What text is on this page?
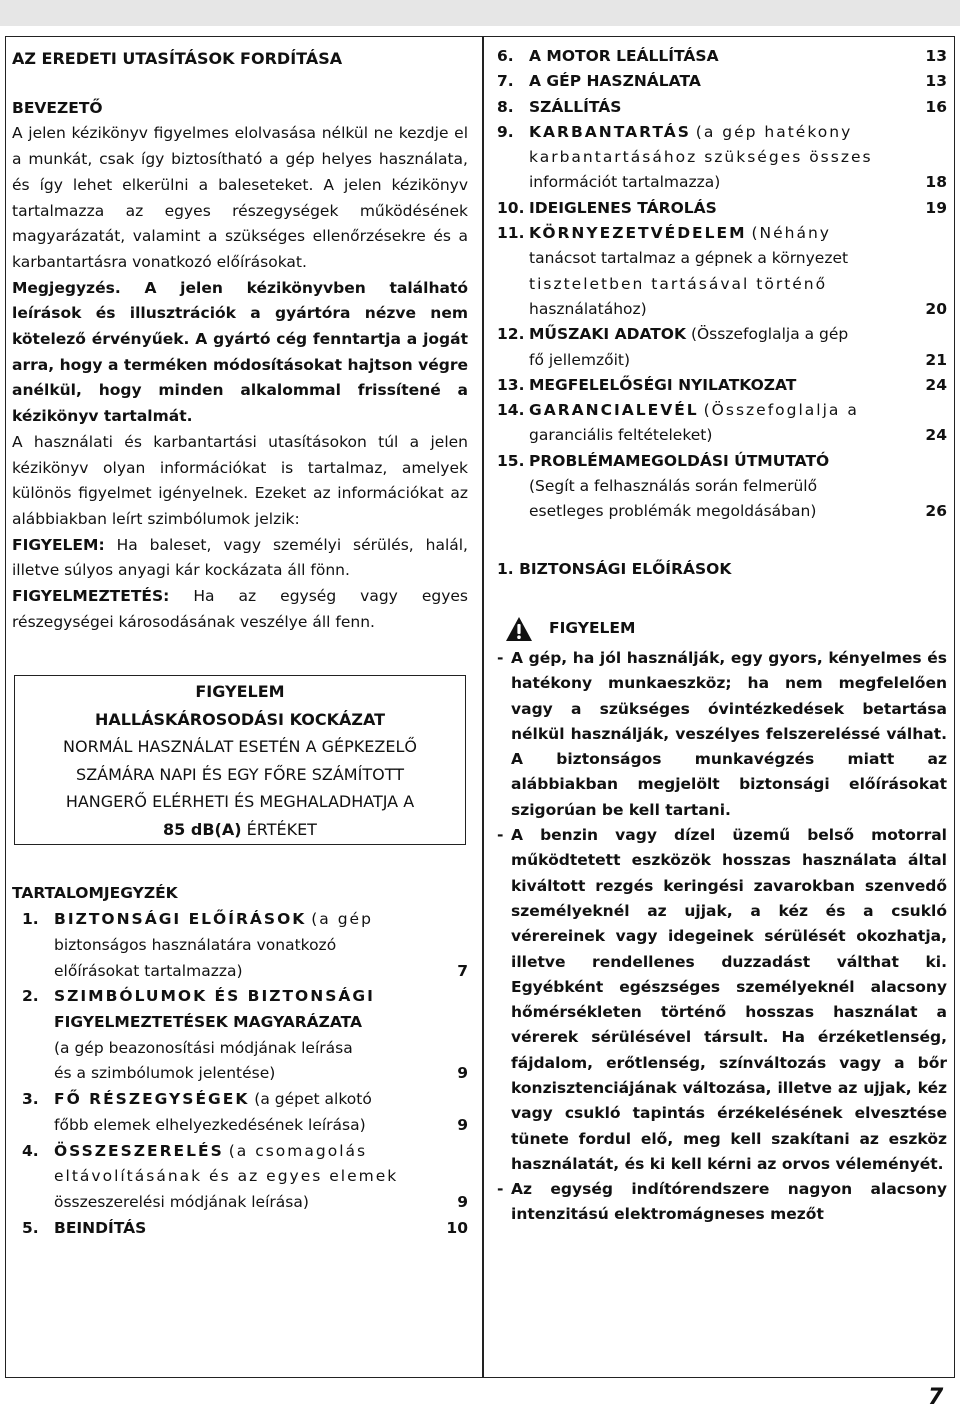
AZ EREDETI UTASÍTÁSOK FORDÍTÁSA

BEVEZETŐ

A jelen kézikönyv figyelmes elolvasása nélkül ne kezdje el a munkát, csak így biztosítható a gép helyes használata, és így lehet elkerülni a baleseteket. A jelen kézikönyv tartalmazza az egyes részegységek működésének magyarázatát, valamint a szükséges ellenőrzésekre és a karbantartásra vonatkozó előírásokat.

Megjegyzés. A jelen kézikönyvben található leírások és illusztrációk a gyártóra nézve nem kötelező érvényűek. A gyártó cég fenntartja a jogát arra, hogy a terméken módosításokat hajtson végre anélkül, hogy minden alkalommal frissítené a kézikönyv tartalmát.

A használati és karbantartási utasításokon túl a jelen kézikönyv olyan információkat is tartalmaz, amelyek különös figyelmet igényelnek. Ezeket az információkat az alábbiakban leírt szimbólumok jelzik:

FIGYELEM: Ha baleset, vagy személyi sérülés, halál, illetve súlyos anyagi kár kockázata áll fönn.

FIGYELMEZTETÉS: Ha az egység vagy egyes részegységei károsodásának veszélye áll fenn.

FIGYELEM
HALLÁSKÁROSODÁSI KOCKÁZAT
NORMÁL HASZNÁLAT ESETÉN A GÉPKEZELŐ
SZÁMÁRA NAPI ÉS EGY FŐRE SZÁMÍTOTT
HANGERŐ ELÉRHETI ÉS MEGHALADHATJA A
85 dB(A) ÉRTÉKET

TARTALOMJEGYZÉK

1. BIZTONSÁGI ELŐÍRÁSOK (a gép
biztonságos használatára vonatkozó
előírásokat tartalmazza)	7
2. SZIMBÓLUMOK ÉS BIZTONSÁGI
FIGYELMEZTETÉSEK MAGYARÁZATA
(a gép beazonosítási módjának leírása
és a szimbólumok jelentése)	9
3. FŐ RÉSZEGYSÉGEK (a gépet alkotó
főbb elemek elhelyezkedésének leírása)	9
4. ÖSSZESZERELÉS (a csomagolás
eltávolításának és az egyes elemek
összeszerelési módjának leírása)	9
5. BEINDÍTÁS	10
6. A MOTOR LEÁLLÍTÁSA	13
7. A GÉP HASZNÁLATA	13
8. SZÁLLÍTÁS	16
9. KARBANTARTÁS (a gép hatékony
karbantartásához szükséges összes
információt tartalmazza)	18
10. IDEIGLENES TÁROLÁS	19
11. KÖRNYEZETVÉDELEM (Néhány
tanácsot tartalmaz a gépnek a környezet
tiszteletben tartásával történő
használatához)	20
12. MŰSZAKI ADATOK (Összefoglalja a gép
fő jellemzőit)	21
13. MEGFELELŐSÉGI NYILATKOZAT	24
14. GARANCIALEVÉL (Összefoglalja a
garanciális feltételeket)	24
15. PROBLÉMAMEGOLDÁSI ÚTMUTATÓ
(Segít a felhasználás során felmerülő
esetleges problémák megoldásában)	26

1. BIZTONSÁGI ELŐÍRÁSOK

FIGYELEM
- A gép, ha jól használják, egy gyors, kényelmes és hatékony munkaeszköz; ha nem megfelelően vagy a szükséges óvintézkedések betartása nélkül használják, veszélyes felszereléssé válhat. A biztonságos munkavégzés miatt az alábbiakban megjelölt biztonsági előírásokat szigorúan be kell tartani.
- A benzin vagy dízel üzemű belső motorral működtetett eszközök hosszas használata által kiváltott rezgés keringési zavarokban szenvedő személyeknél az ujjak, a kéz és a csukló vérereinek vagy idegeinek sérülését okozhatja, illetve rendellenes duzzadást válthat ki. Egyébként egészséges személyeknél alacsony hőmérsékleten történő hosszas használat a vérerek sérülésével társult. Ha érzéketlenség, fájdalom, erőtlenség, színváltozás vagy a bőr konzisztenciájának változása, illetve az ujjak, kéz vagy csukló tapintás érzékelésének elvesztése tünete fordul elő, meg kell szakítani az eszköz használatát, és ki kell kérni az orvos véleményét.
- Az egység indítórendszere nagyon alacsony intenzitású elektromágneses mezőt
7
